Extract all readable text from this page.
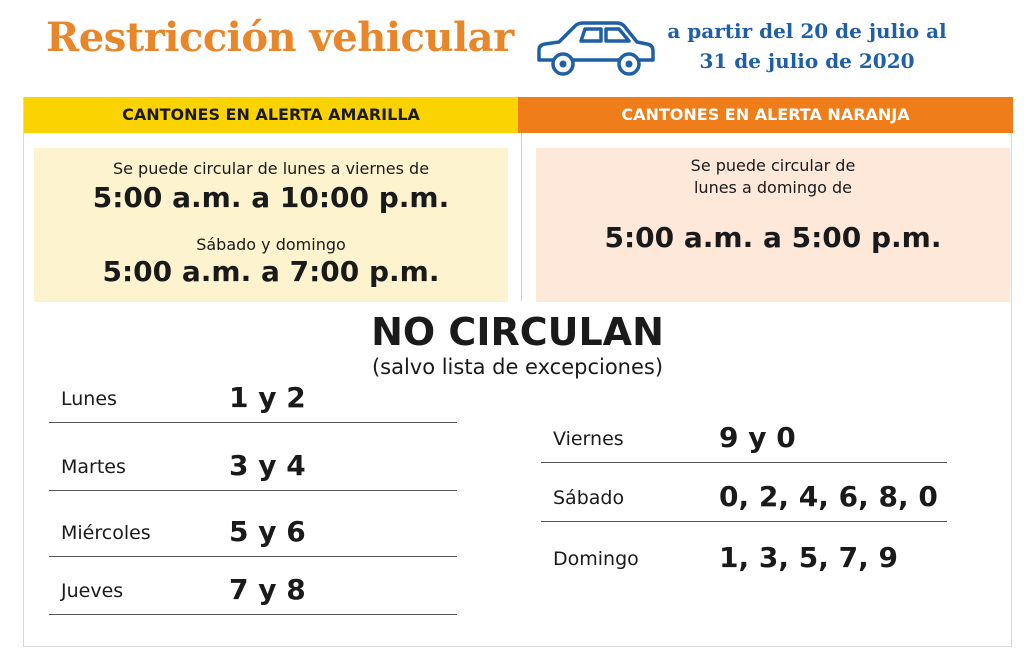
Restricción vehicular	a partir del 20 de julio al
31 de julio de 2020
CANTONES EN ALERTA AMARILLA	CANTONES EN ALERTA NARANJA
Se puede circular de lunes a viernes de
5:00 a.m. a 10:00 p.m.
Sábado y domingo
5:00 a.m. a 7:00 p.m.
Se puede circular de
lunes a domingo de
5:00 a.m. a 5:00 p.m.
NO CIRCULAN
(salvo lista de excepciones)
Lunes	1 y 2
Martes	3 y 4
Miércoles	5 y 6
Jueves	7 y 8
Viernes	9 y 0
Sábado	0, 2, 4, 6, 8, 0
Domingo	1, 3, 5, 7, 9
